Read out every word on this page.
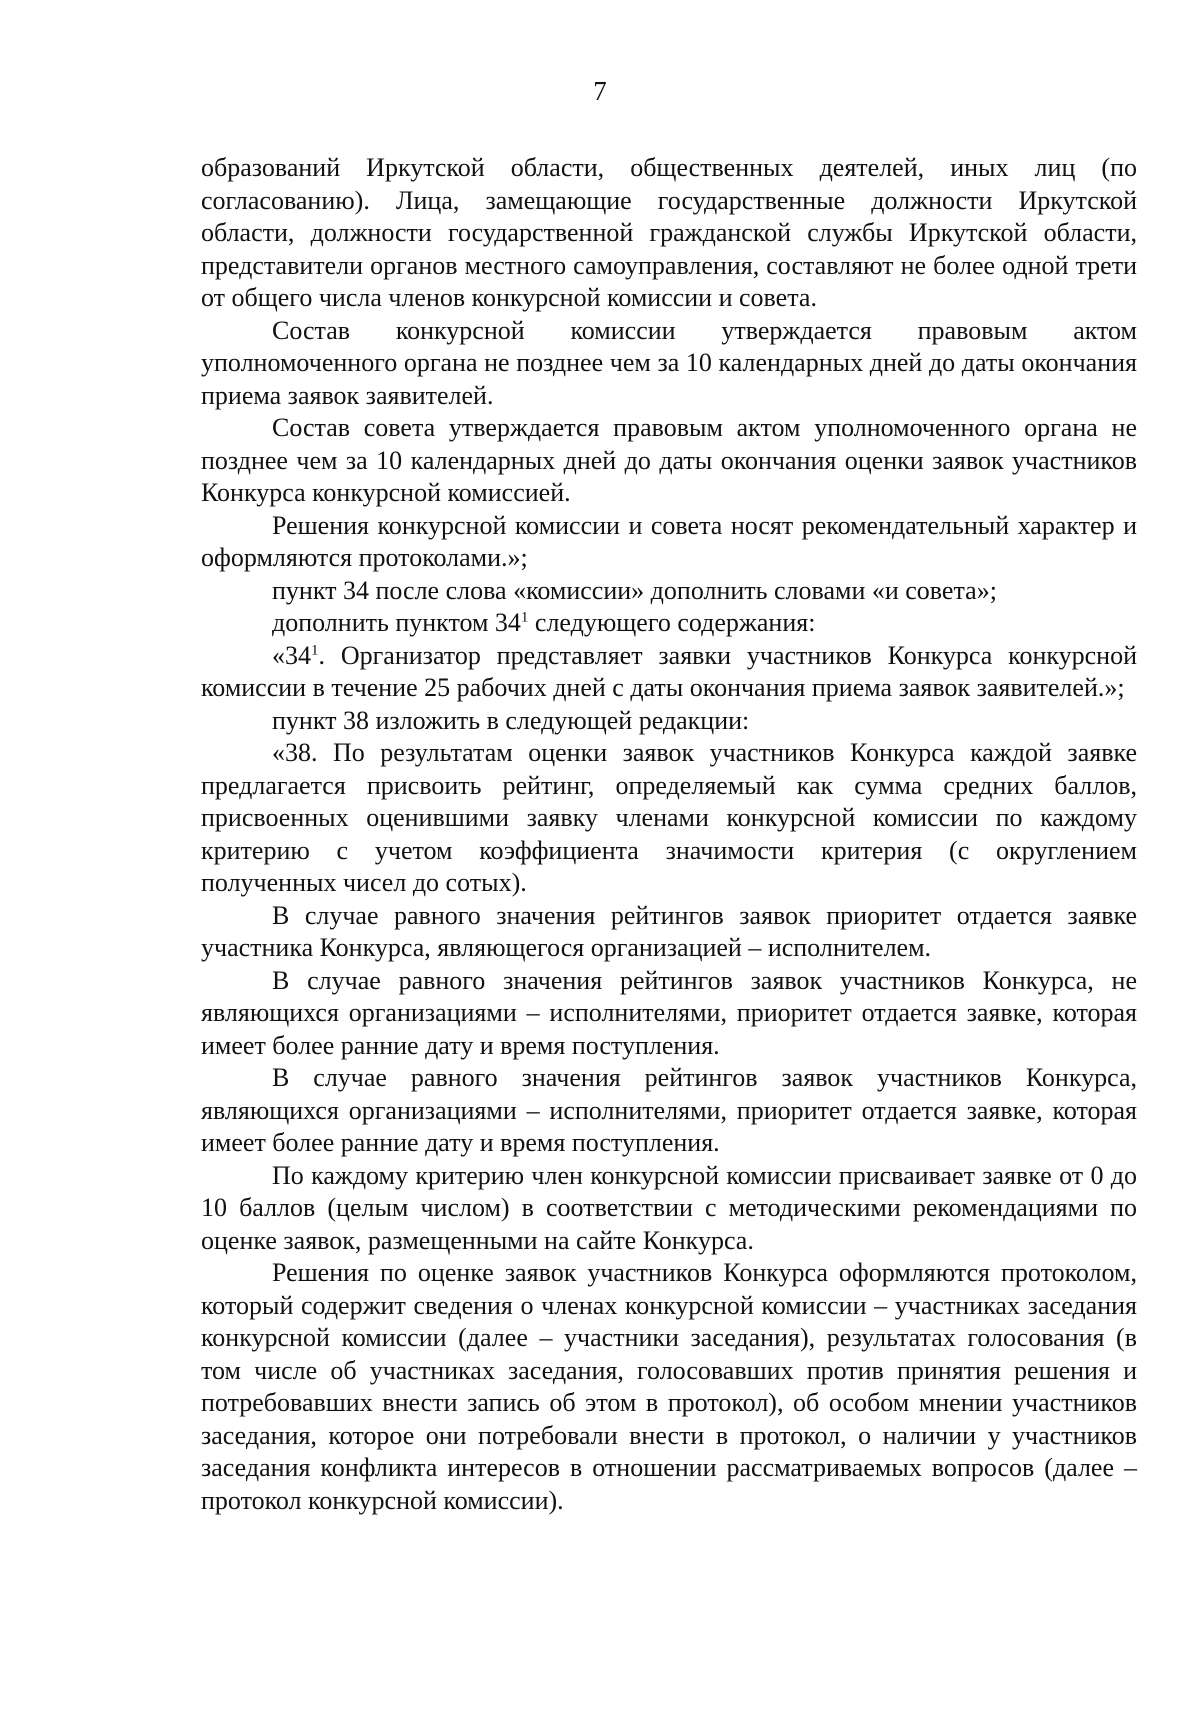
7

образований Иркутской области, общественных деятелей, иных лиц (по согласованию). Лица, замещающие государственные должности Иркутской области, должности государственной гражданской службы Иркутской области, представители органов местного самоуправления, составляют не более одной трети от общего числа членов конкурсной комиссии и совета.

Состав конкурсной комиссии утверждается правовым актом уполномоченного органа не позднее чем за 10 календарных дней до даты окончания приема заявок заявителей.

Состав совета утверждается правовым актом уполномоченного органа не позднее чем за 10 календарных дней до даты окончания оценки заявок участников Конкурса конкурсной комиссией.

Решения конкурсной комиссии и совета носят рекомендательный характер и оформляются протоколами.»;

пункт 34 после слова «комиссии» дополнить словами «и совета»;

дополнить пунктом $34^1$ следующего содержания:

«$34^1$. Организатор представляет заявки участников Конкурса конкурсной комиссии в течение 25 рабочих дней с даты окончания приема заявок заявителей.»;

пункт 38 изложить в следующей редакции:

«38. По результатам оценки заявок участников Конкурса каждой заявке предлагается присвоить рейтинг, определяемый как сумма средних баллов, присвоенных оценившими заявку членами конкурсной комиссии по каждому критерию с учетом коэффициента значимости критерия (с округлением полученных чисел до сотых).

В случае равного значения рейтингов заявок приоритет отдается заявке участника Конкурса, являющегося организацией – исполнителем.

В случае равного значения рейтингов заявок участников Конкурса, не являющихся организациями – исполнителями, приоритет отдается заявке, которая имеет более ранние дату и время поступления.

В случае равного значения рейтингов заявок участников Конкурса, являющихся организациями – исполнителями, приоритет отдается заявке, которая имеет более ранние дату и время поступления.

По каждому критерию член конкурсной комиссии присваивает заявке от 0 до 10 баллов (целым числом) в соответствии с методическими рекомендациями по оценке заявок, размещенными на сайте Конкурса.

Решения по оценке заявок участников Конкурса оформляются протоколом, который содержит сведения о членах конкурсной комиссии – участниках заседания конкурсной комиссии (далее – участники заседания), результатах голосования (в том числе об участниках заседания, голосовавших против принятия решения и потребовавших внести запись об этом в протокол), об особом мнении участников заседания, которое они потребовали внести в протокол, о наличии у участников заседания конфликта интересов в отношении рассматриваемых вопросов (далее – протокол конкурсной комиссии).
